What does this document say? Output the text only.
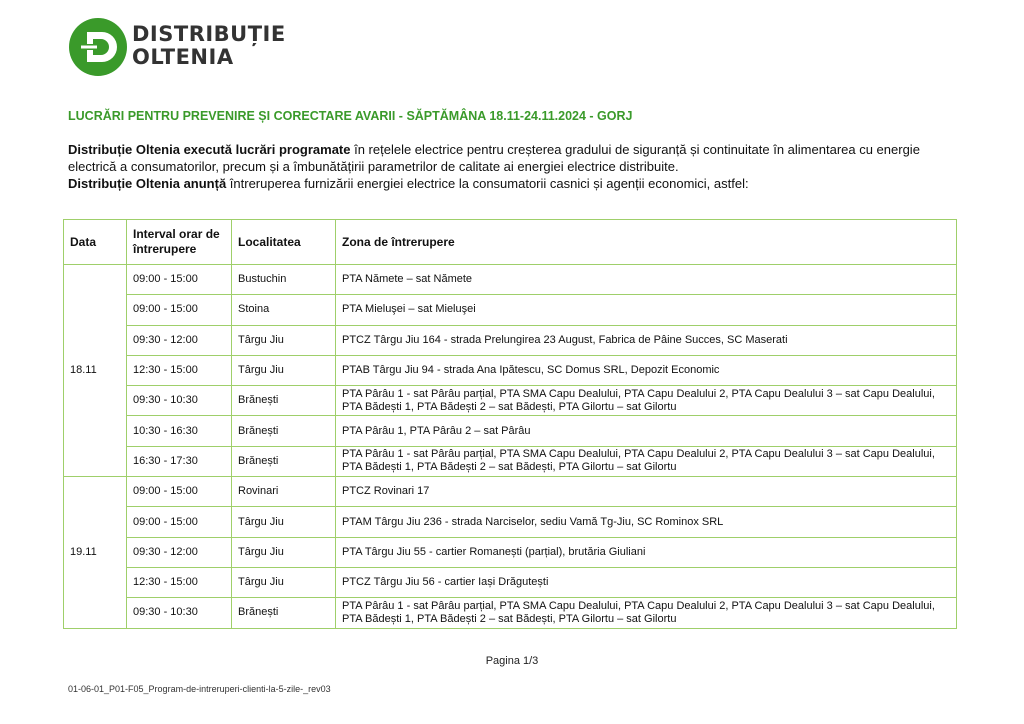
DISTRIBUȚIE
OLTENIA
LUCRĂRI PENTRU PREVENIRE ȘI CORECTARE AVARII - SĂPTĂMÂNA 18.11-24.11.2024 - GORJ

Distribuție Oltenia execută lucrări programate în rețelele electrice pentru creșterea gradului de siguranță și continuitate în alimentarea cu energie electrică a consumatorilor, precum și a îmbunătățirii parametrilor de calitate ai energiei electrice distribuite.

Distribuție Oltenia anunță întreruperea furnizării energiei electrice la consumatorii casnici și agenții economici, astfel:

Data	Interval orar de întrerupere	Localitatea	Zona de întrerupere
18.11	09:00 - 15:00	Bustuchin	PTA Nămete – sat Nămete
	09:00 - 15:00	Stoina	PTA Mieluşei – sat Mieluşei
	09:30 - 12:00	Târgu Jiu	PTCZ Târgu Jiu 164 - strada Prelungirea 23 August, Fabrica de Pâine Succes, SC Maserati
	12:30 - 15:00	Târgu Jiu	PTAB Târgu Jiu 94 - strada Ana Ipătescu, SC Domus SRL, Depozit Economic
	09:30 - 10:30	Brănești	PTA Pârâu 1 - sat Pârâu parțial, PTA SMA Capu Dealului, PTA Capu Dealului 2, PTA Capu Dealului 3 – sat Capu Dealului, PTA Bădești 1, PTA Bădești 2 – sat Bădești, PTA Gilortu – sat Gilortu
	10:30 - 16:30	Brănești	PTA Pârâu 1, PTA Pârâu 2 – sat Pârâu
	16:30 - 17:30	Brănești	PTA Pârâu 1 - sat Pârâu parțial, PTA SMA Capu Dealului, PTA Capu Dealului 2, PTA Capu Dealului 3 – sat Capu Dealului, PTA Bădești 1, PTA Bădești 2 – sat Bădești, PTA Gilortu – sat Gilortu
19.11	09:00 - 15:00	Rovinari	PTCZ Rovinari 17
	09:00 - 15:00	Târgu Jiu	PTAM Târgu Jiu 236 - strada Narciselor, sediu Vamă Tg-Jiu, SC Rominox SRL
	09:30 - 12:00	Târgu Jiu	PTA Târgu Jiu 55 - cartier Romanești (parțial), brutăria Giuliani
	12:30 - 15:00	Târgu Jiu	PTCZ Târgu Jiu 56 - cartier Iași Drăgutești
	09:30 - 10:30	Brănești	PTA Pârâu 1 - sat Pârâu parțial, PTA SMA Capu Dealului, PTA Capu Dealului 2, PTA Capu Dealului 3 – sat Capu Dealului, PTA Bădești 1, PTA Bădești 2 – sat Bădești, PTA Gilortu – sat Gilortu
Pagina 1/3
01-06-01_P01-F05_Program-de-intreruperi-clienti-la-5-zile-_rev03
